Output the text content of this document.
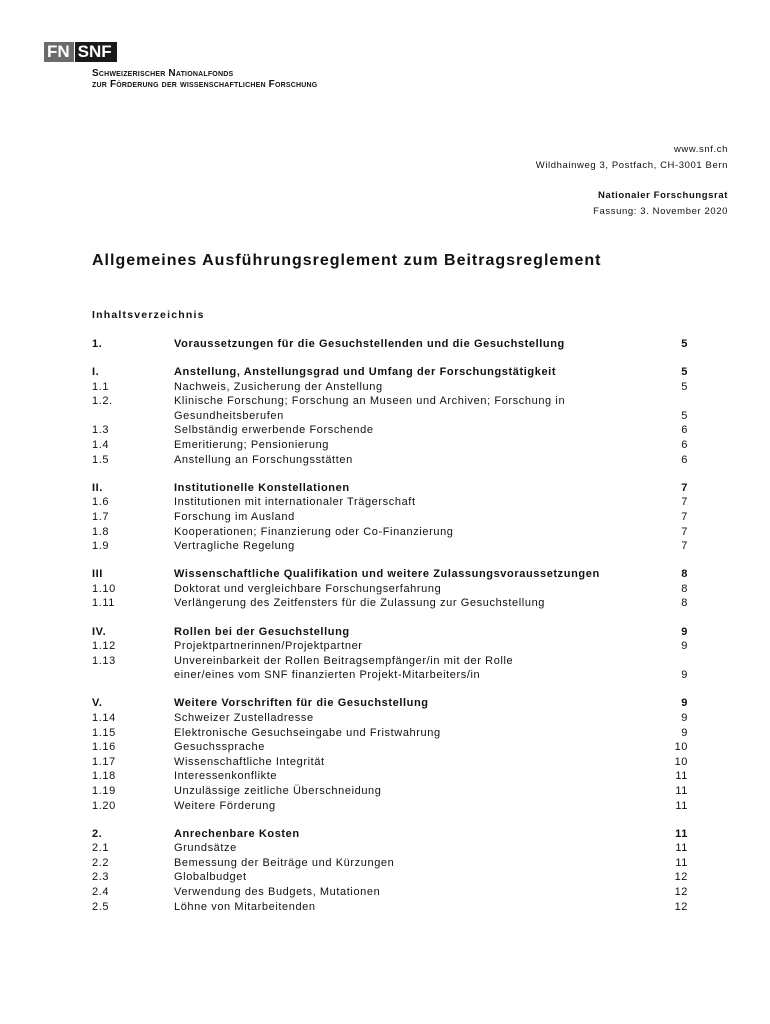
FN SNF
Schweizerischer Nationalfonds
zur Förderung der wissenschaftlichen Forschung
www.snf.ch
Wildhainweg 3, Postfach, CH-3001 Bern
Nationaler Forschungsrat
Fassung: 3. November 2020
Allgemeines Ausführungsreglement zum Beitragsreglement
Inhaltsverzeichnis
1.	Voraussetzungen für die Gesuchstellenden und die Gesuchstellung	5
I.	Anstellung, Anstellungsgrad und Umfang der Forschungstätigkeit	5
1.1	Nachweis, Zusicherung der Anstellung	5
1.2.	Klinische Forschung; Forschung an Museen und Archiven; Forschung in
Gesundheitsberufen	5
1.3	Selbständig erwerbende Forschende	6
1.4	Emeritierung; Pensionierung	6
1.5	Anstellung an Forschungsstätten	6
II.	Institutionelle Konstellationen	7
1.6	Institutionen mit internationaler Trägerschaft	7
1.7	Forschung im Ausland	7
1.8	Kooperationen; Finanzierung oder Co-Finanzierung	7
1.9	Vertragliche Regelung	7
III	Wissenschaftliche Qualifikation und weitere Zulassungsvoraussetzungen	8
1.10	Doktorat und vergleichbare Forschungserfahrung	8
1.11	Verlängerung des Zeitfensters für die Zulassung zur Gesuchstellung	8
IV.	Rollen bei der Gesuchstellung	9
1.12	Projektpartnerinnen/Projektpartner	9
1.13	Unvereinbarkeit der Rollen Beitragsempfänger/in mit der Rolle
einer/eines vom SNF finanzierten Projekt-Mitarbeiters/in	9
V.	Weitere Vorschriften für die Gesuchstellung	9
1.14	Schweizer Zustelladresse	9
1.15	Elektronische Gesuchseingabe und Fristwahrung	9
1.16	Gesuchssprache	10
1.17	Wissenschaftliche Integrität	10
1.18	Interessenkonflikte	11
1.19	Unzulässige zeitliche Überschneidung	11
1.20	Weitere Förderung	11
2.	Anrechenbare Kosten	11
2.1	Grundsätze	11
2.2	Bemessung der Beiträge und Kürzungen	11
2.3	Globalbudget	12
2.4	Verwendung des Budgets, Mutationen	12
2.5	Löhne von Mitarbeitenden	12
